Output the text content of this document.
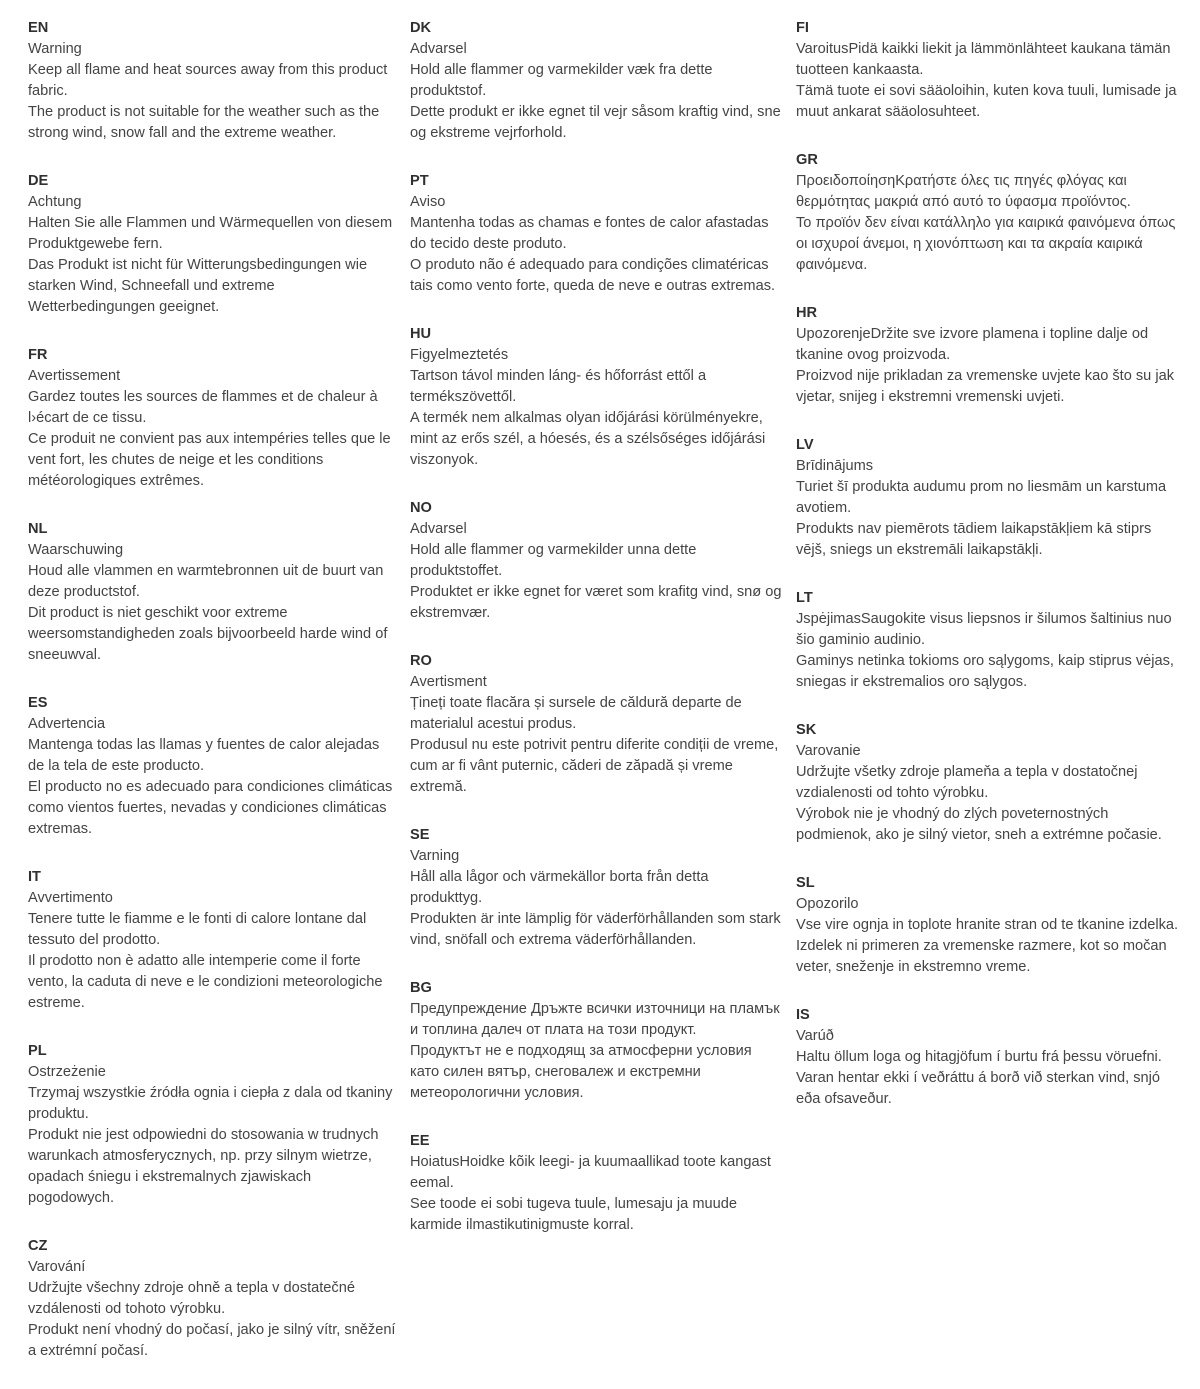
EN

Warning

Keep all flame and heat sources away from this product fabric.

The product is not suitable for the weather such as the strong wind, snow fall and the extreme weather.

DE

Achtung

Halten Sie alle Flammen und Wärmequellen von diesem Produktgewebe fern.

Das Produkt ist nicht für Witterungsbedingungen wie starken Wind, Schneefall und extreme Wetterbedingungen geeignet.

FR

Avertissement

Gardez toutes les sources de flammes et de chaleur à l›écart de ce tissu.

Ce produit ne convient pas aux intempéries telles que le vent fort, les chutes de neige et les conditions météorologiques extrêmes.

NL

Waarschuwing

Houd alle vlammen en warmtebronnen uit de buurt van deze productstof.

Dit product is niet geschikt voor extreme weersomstandigheden zoals bijvoorbeeld harde wind of sneeuwval.

ES

Advertencia

Mantenga todas las llamas y fuentes de calor alejadas de la tela de este producto.

El producto no es adecuado para condiciones climáticas como vientos fuertes, nevadas y condiciones climáticas extremas.

IT

Avvertimento

Tenere tutte le fiamme e le fonti di calore lontane dal tessuto del prodotto.

Il prodotto non è adatto alle intemperie come il forte vento, la caduta di neve e le condizioni meteorologiche estreme.

PL

Ostrzeżenie

Trzymaj wszystkie źródła ognia i ciepła z dala od tkaniny produktu.

Produkt nie jest odpowiedni do stosowania w trudnych warunkach atmosferycznych, np. przy silnym wietrze, opadach śniegu i ekstremalnych zjawiskach pogodowych.

CZ

Varování

Udržujte všechny zdroje ohně a tepla v dostatečné vzdálenosti od tohoto výrobku.

Produkt není vhodný do počasí, jako je silný vítr, sněžení a extrémní počasí.

DK

Advarsel

Hold alle flammer og varmekilder væk fra dette produktstof.

Dette produkt er ikke egnet til vejr såsom kraftig vind, sne og ekstreme vejrforhold.

PT

Aviso

Mantenha todas as chamas e fontes de calor afastadas do tecido deste produto.

O produto não é adequado para condições climatéricas tais como vento forte, queda de neve e outras extremas.

HU

Figyelmeztetés

Tartson távol minden láng- és hőforrást ettől a termékszövettől.

A termék nem alkalmas olyan időjárási körülményekre, mint az erős szél, a hóesés, és a szélsőséges időjárási viszonyok.

NO

Advarsel

Hold alle flammer og varmekilder unna dette produktstoffet.

Produktet er ikke egnet for været som krafitg vind, snø og ekstremvær.

RO

Avertisment

Țineți toate flacăra și sursele de căldură departe de materialul acestui produs.

Produsul nu este potrivit pentru diferite condiții de vreme, cum ar fi vânt puternic, căderi de zăpadă și vreme extremă.

SE

Varning

Håll alla lågor och värmekällor borta från detta produkttyg.

Produkten är inte lämplig för väderförhållanden som stark vind, snöfall och extrema väderförhållanden.

BG

Предупреждение Дръжте всички източници на пламък и топлина далеч от плата на този продукт.

Продуктът не е подходящ за атмосферни условия като силен вятър, снеговалеж и екстремни метеорологични условия.

EE

HoiatusHoidke kõik leegi- ja kuumaallikad toote kangast eemal.

See toode ei sobi tugeva tuule, lumesaju ja muude karmide ilmastikutinigmuste korral.

FI

VaroitusPidä kaikki liekit ja lämmönlähteet kaukana tämän tuotteen kankaasta.

Tämä tuote ei sovi sääoloihin, kuten kova tuuli, lumisade ja muut ankarat sääolosuhteet.

GR

ΠροειδοποίησηΚρατήστε όλες τις πηγές φλόγας και θερμότητας μακριά από αυτό το ύφασμα προϊόντος.

Το προϊόν δεν είναι κατάλληλο για καιρικά φαινόμενα όπως οι ισχυροί άνεμοι, η χιονόπτωση και τα ακραία καιρικά φαινόμενα.

HR

UpozorenjeDržite sve izvore plamena i topline dalje od tkanine ovog proizvoda.

Proizvod nije prikladan za vremenske uvjete kao što su jak vjetar, snijeg i ekstremni vremenski uvjeti.

LV

Brīdinājums

Turiet šī produkta audumu prom no liesmām un karstuma avotiem.

Produkts nav piemērots tādiem laikapstākļiem kā stiprs vējš, sniegs un ekstremāli laikapstākļi.

LT

JspėjimasSaugokite visus liepsnos ir šilumos šaltinius nuo šio gaminio audinio.

Gaminys netinka tokioms oro sąlygoms, kaip stiprus vėjas, sniegas ir ekstremalios oro sąlygos.

SK

Varovanie

Udržujte všetky zdroje plameňa a tepla v dostatočnej vzdialenosti od tohto výrobku.

Výrobok nie je vhodný do zlých poveternostných podmienok, ako je silný vietor, sneh a extrémne počasie.

SL

Opozorilo

Vse vire ognja in toplote hranite stran od te tkanine izdelka.

Izdelek ni primeren za vremenske razmere, kot so močan veter, sneženje in ekstremno vreme.

IS

Varúð

Haltu öllum loga og hitagjöfum í burtu frá þessu vöruefni.

Varan hentar ekki í veðráttu á borð við sterkan vind, snjó eða ofsaveður.
